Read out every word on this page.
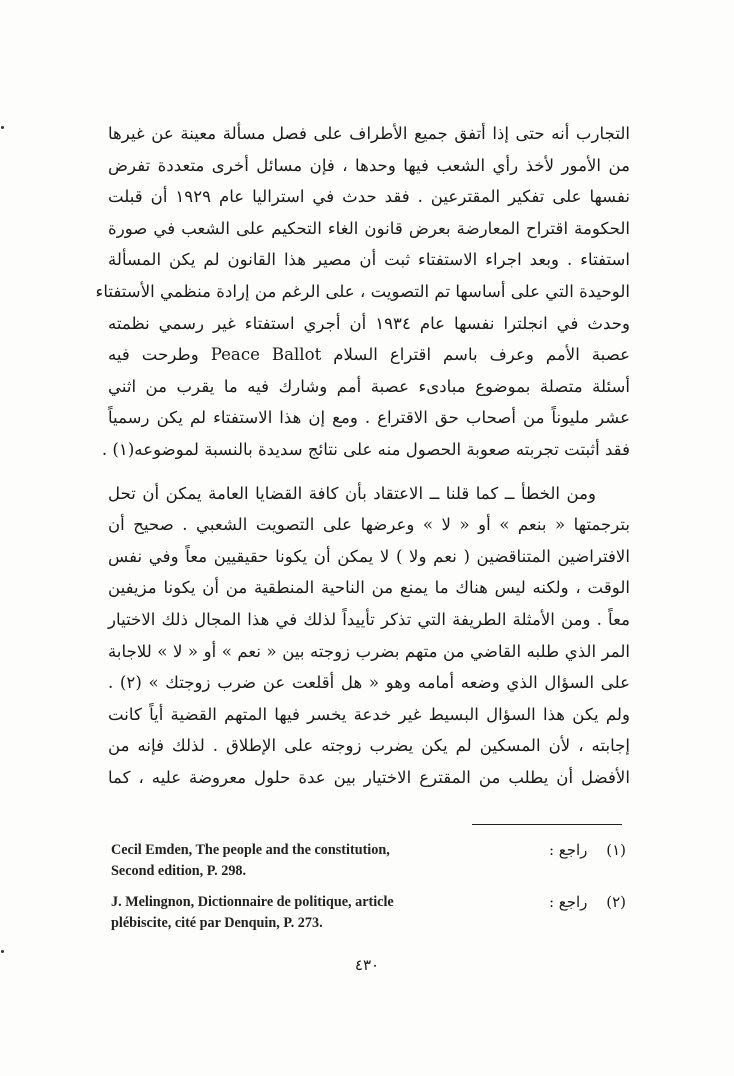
التجارب أنه حتى إذا أتفق جميع الأطراف على فصل مسألة معينة عن غيرها
من الأمور لأخذ رأي الشعب فيها وحدها ، فإن مسائل أخرى متعددة تفرض
نفسها على تفكير المقترعين . فقد حدث في استراليا عام ١٩٢٩ أن قبلت
الحكومة اقتراح المعارضة بعرض قانون الغاء التحكيم على الشعب في صورة
استفتاء . وبعد اجراء الاستفتاء ثبت أن مصير هذا القانون لم يكن المسألة
الوحيدة التي على أساسها تم التصويت ، على الرغم من إرادة منظمي الأستفتاء
وحدث في انجلترا نفسها عام ١٩٣٤ أن أجري استفتاء غير رسمي نظمته
عصبة الأمم وعرف باسم اقتراع السلام Peace Ballot وطرحت فيه
أسئلة متصلة بموضوع مبادىء عصبة أمم وشارك فيه ما يقرب من اثني
عشر مليوناً من أصحاب حق الاقتراع . ومع إن هذا الاستفتاء لم يكن رسمياً
فقد أثبتت تجربته صعوبة الحصول منه على نتائج سديدة بالنسبة لموضوعه(١) .

ومن الخطأ ــ كما قلنا ــ الاعتقاد بأن كافة القضايا العامة يمكن أن تحل
بترجمتها « بنعم » أو « لا » وعرضها على التصويت الشعبي . صحيح أن
الافتراضين المتناقضين ( نعم ولا ) لا يمكن أن يكونا حقيقيين معاً وفي نفس
الوقت ، ولكنه ليس هناك ما يمنع من الناحية المنطقية من أن يكونا مزيفين
معاً . ومن الأمثلة الطريفة التي تذكر تأييداً لذلك في هذا المجال ذلك الاختيار
المر الذي طلبه القاضي من متهم بضرب زوجته بين « نعم » أو « لا » للاجابة
على السؤال الذي وضعه أمامه وهو « هل أقلعت عن ضرب زوجتك » (٢) .
ولم يكن هذا السؤال البسيط غير خدعة يخسر فيها المتهم القضية أياً كانت
إجابته ، لأن المسكين لم يكن يضرب زوجته على الإطلاق . لذلك فإنه من
الأفضل أن يطلب من المقترع الاختيار بين عدة حلول معروضة عليه ، كما

Cecil Emden, The people and the constitution,
Second edition, P. 298.
(١) راجع :
J. Melingnon, Dictionnaire de politique, article
plébiscite, cité par Denquin, P. 273.
(٢) راجع :
٤٣٠
